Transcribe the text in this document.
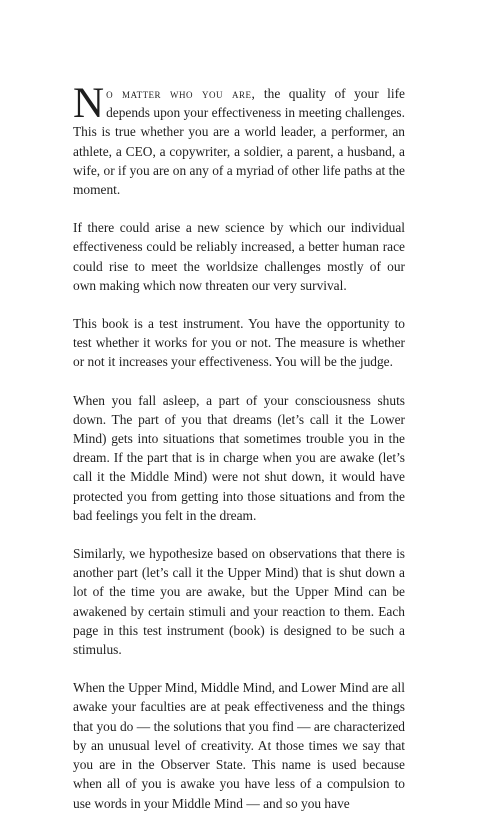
No matter who you are, the quality of your life depends upon your effectiveness in meeting challenges. This is true whether you are a world leader, a performer, an athlete, a CEO, a copywriter, a soldier, a parent, a husband, a wife, or if you are on any of a myriad of other life paths at the moment.

If there could arise a new science by which our individual effectiveness could be reliably increased, a better human race could rise to meet the worldsize challenges mostly of our own making which now threaten our very survival.

This book is a test instrument. You have the opportunity to test whether it works for you or not. The measure is whether or not it increases your effectiveness. You will be the judge.

When you fall asleep, a part of your consciousness shuts down. The part of you that dreams (let’s call it the Lower Mind) gets into situations that sometimes trouble you in the dream. If the part that is in charge when you are awake (let’s call it the Middle Mind) were not shut down, it would have protected you from getting into those situations and from the bad feelings you felt in the dream.

Similarly, we hypothesize based on observations that there is another part (let’s call it the Upper Mind) that is shut down a lot of the time you are awake, but the Upper Mind can be awakened by certain stimuli and your reaction to them. Each page in this test instrument (book) is designed to be such a stimulus.

When the Upper Mind, Middle Mind, and Lower Mind are all awake your faculties are at peak effectiveness and the things that you do — the solutions that you find — are characterized by an unusual level of creativity. At those times we say that you are in the Observer State. This name is used because when all of you is awake you have less of a compulsion to use words in your Middle Mind — and so you have
